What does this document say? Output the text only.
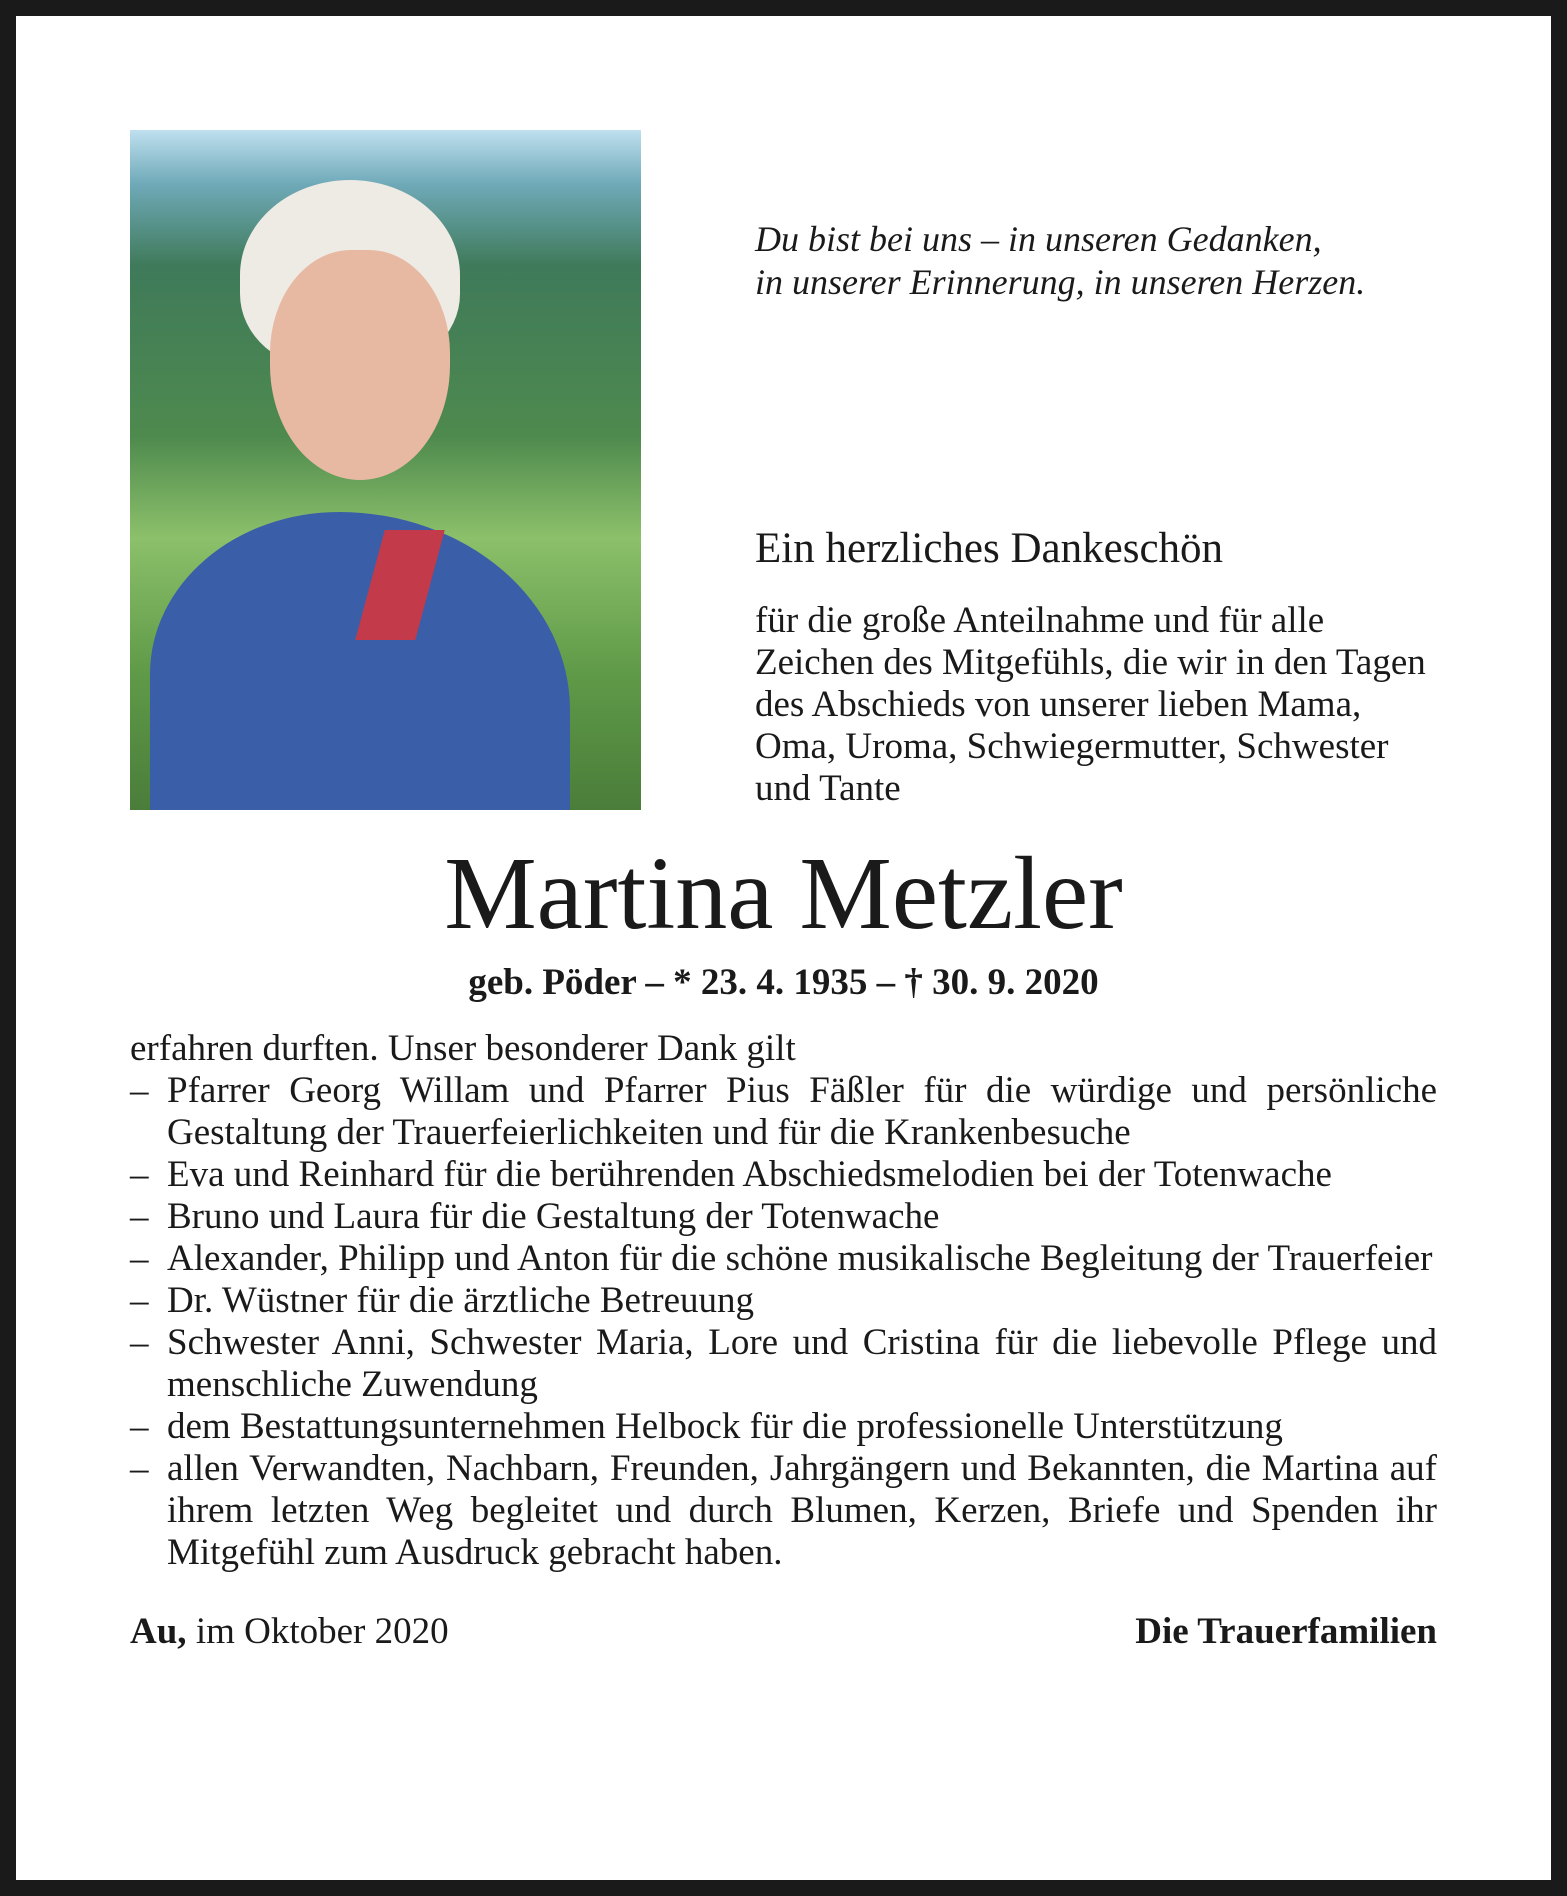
Du bist bei uns – in unseren Gedanken,
in unserer Erinnerung, in unseren Herzen.
Ein herzliches Dankeschön
für die große Anteilnahme und für alle Zeichen des Mitgefühls, die wir in den Tagen des Abschieds von unserer lieben Mama, Oma, Uroma, Schwiegermutter, Schwester und Tante
Martina Metzler
geb. Pöder – * 23. 4. 1935 – † 30. 9. 2020
erfahren durften. Unser besonderer Dank gilt
– Pfarrer Georg Willam und Pfarrer Pius Fäßler für die würdige und persönliche Gestaltung der Trauerfeierlichkeiten und für die Krankenbesuche
– Eva und Reinhard für die berührenden Abschiedsmelodien bei der Totenwache
– Bruno und Laura für die Gestaltung der Totenwache
– Alexander, Philipp und Anton für die schöne musikalische Begleitung der Trauerfeier
– Dr. Wüstner für die ärztliche Betreuung
– Schwester Anni, Schwester Maria, Lore und Cristina für die liebevolle Pflege und menschliche Zuwendung
– dem Bestattungsunternehmen Helbock für die professionelle Unterstützung
– allen Verwandten, Nachbarn, Freunden, Jahrgängern und Bekannten, die Martina auf ihrem letzten Weg begleitet und durch Blumen, Kerzen, Briefe und Spenden ihr Mitgefühl zum Ausdruck gebracht haben.
Au, im Oktober 2020	Die Trauerfamilien
